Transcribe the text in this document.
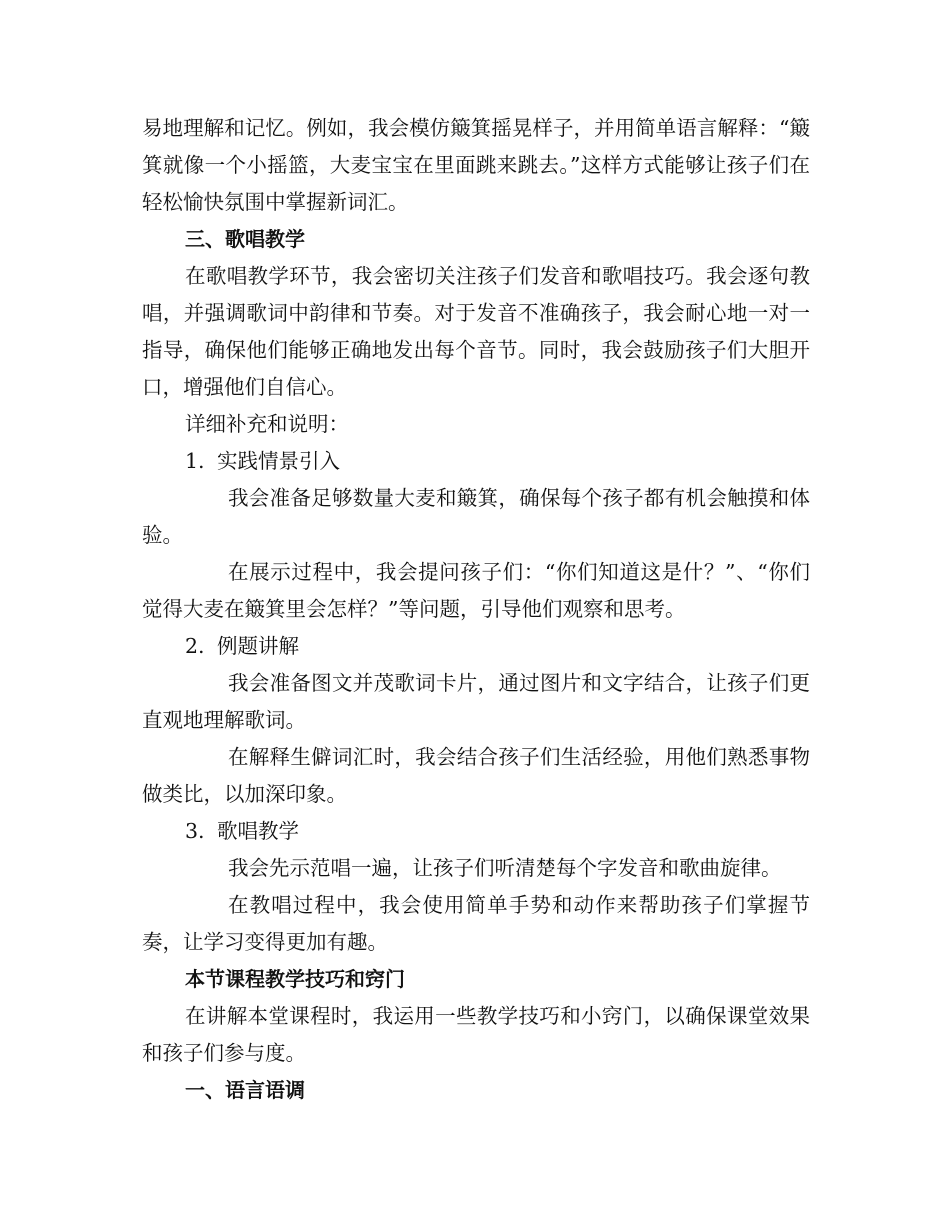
易地理解和记忆。例如，我会模仿簸箕摇晃样子，并用简单语言解释：“簸箕就像一个小摇篮，大麦宝宝在里面跳来跳去。”这样方式能够让孩子们在轻松愉快氛围中掌握新词汇。

三、歌唱教学

在歌唱教学环节，我会密切关注孩子们发音和歌唱技巧。我会逐句教唱，并强调歌词中韵律和节奏。对于发音不准确孩子，我会耐心地一对一指导，确保他们能够正确地发出每个音节。同时，我会鼓励孩子们大胆开口，增强他们自信心。

详细补充和说明：

1. 实践情景引入

我会准备足够数量大麦和簸箕，确保每个孩子都有机会触摸和体验。

在展示过程中，我会提问孩子们：“你们知道这是什？”、“你们觉得大麦在簸箕里会怎样？”等问题，引导他们观察和思考。

2. 例题讲解

我会准备图文并茂歌词卡片，通过图片和文字结合，让孩子们更直观地理解歌词。

在解释生僻词汇时，我会结合孩子们生活经验，用他们熟悉事物做类比，以加深印象。

3. 歌唱教学

我会先示范唱一遍，让孩子们听清楚每个字发音和歌曲旋律。

在教唱过程中，我会使用简单手势和动作来帮助孩子们掌握节奏，让学习变得更加有趣。

本节课程教学技巧和窍门

在讲解本堂课程时，我运用一些教学技巧和小窍门，以确保课堂效果和孩子们参与度。

一、语言语调
